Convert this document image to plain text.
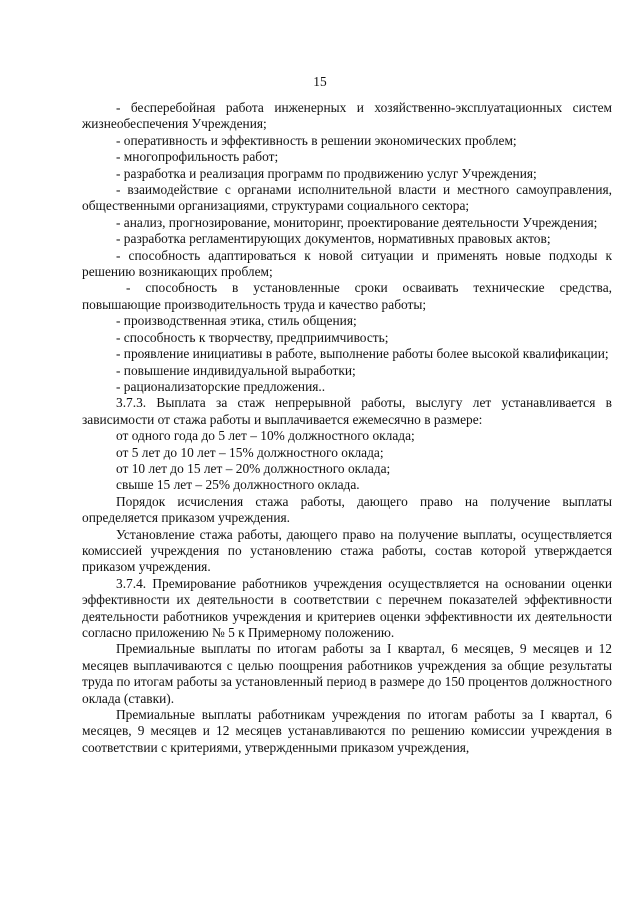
15

- бесперебойная работа инженерных и хозяйственно-эксплуатационных систем жизнеобеспечения Учреждения;

- оперативность и эффективность в решении экономических проблем;

- многопрофильность работ;

- разработка и реализация программ по продвижению услуг Учреждения;

- взаимодействие с органами исполнительной власти и местного самоуправления, общественными организациями, структурами социального сектора;

- анализ, прогнозирование, мониторинг, проектирование деятельности Учреждения;

- разработка регламентирующих документов, нормативных правовых актов;

- способность адаптироваться к новой ситуации и применять новые подходы к решению возникающих проблем;

- способность в установленные сроки осваивать технические средства, повышающие производительность труда и качество работы;

- производственная этика, стиль общения;

- способность к творчеству, предприимчивость;

- проявление инициативы в работе, выполнение работы более высокой квалификации;

- повышение индивидуальной выработки;

- рационализаторские предложения..

3.7.3. Выплата за стаж непрерывной работы, выслугу лет устанавливается в зависимости от стажа работы и выплачивается ежемесячно в размере:

от одного года до 5 лет – 10% должностного оклада;

от 5 лет до 10 лет – 15% должностного оклада;

от 10 лет до 15 лет – 20% должностного оклада;

свыше 15 лет – 25% должностного оклада.

Порядок исчисления стажа работы, дающего право на получение выплаты определяется приказом учреждения.

Установление стажа работы, дающего право на получение выплаты, осуществляется комиссией учреждения по установлению стажа работы, состав которой утверждается приказом учреждения.

3.7.4. Премирование работников учреждения осуществляется на основании оценки эффективности их деятельности в соответствии с перечнем показателей эффективности деятельности работников учреждения и критериев оценки эффективности их деятельности согласно приложению № 5 к Примерному положению.

Премиальные выплаты по итогам работы за I квартал, 6 месяцев, 9 месяцев и 12 месяцев выплачиваются с целью поощрения работников учреждения за общие результаты труда по итогам работы за установленный период в размере до 150 процентов должностного оклада (ставки).

Премиальные выплаты работникам учреждения по итогам работы за I квартал, 6 месяцев, 9 месяцев и 12 месяцев устанавливаются по решению комиссии учреждения в соответствии с критериями, утвержденными приказом учреждения,
